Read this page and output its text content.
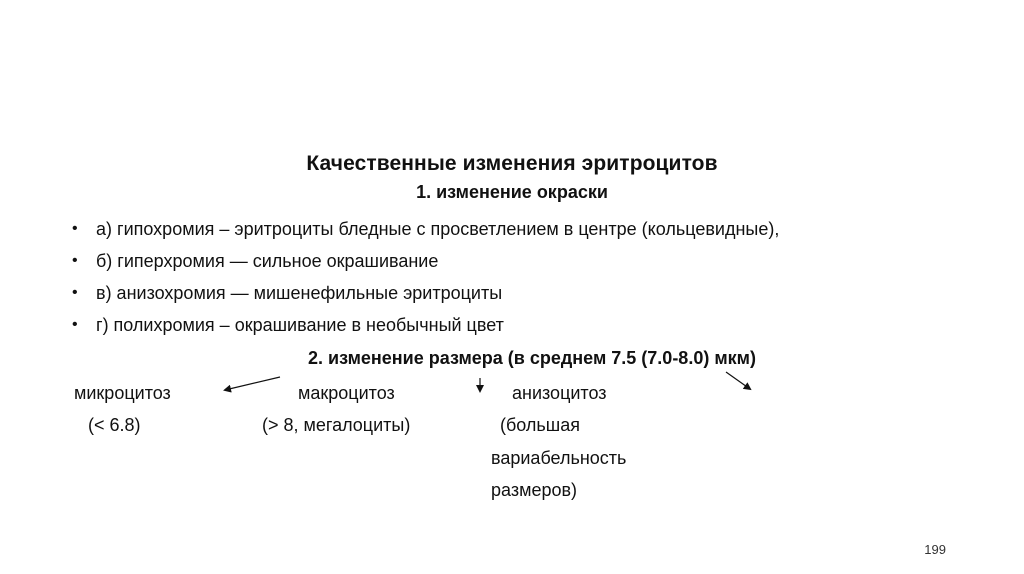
Качественные изменения эритроцитов
1. изменение окраски
• а) гипохромия – эритроциты бледные с просветлением в центре (кольцевидные),
• б) гиперхромия — сильное окрашивание
• в) анизохромия — мишенефильные эритроциты
• г) полихромия – окрашивание в необычный цвет
2. изменение размера (в среднем 7.5 (7.0-8.0) мкм)
микроцитоз
(< 6.8)
макроцитоз
(> 8, мегалоциты)
анизоцитоз
(большая
вариабельность
размеров)
199
